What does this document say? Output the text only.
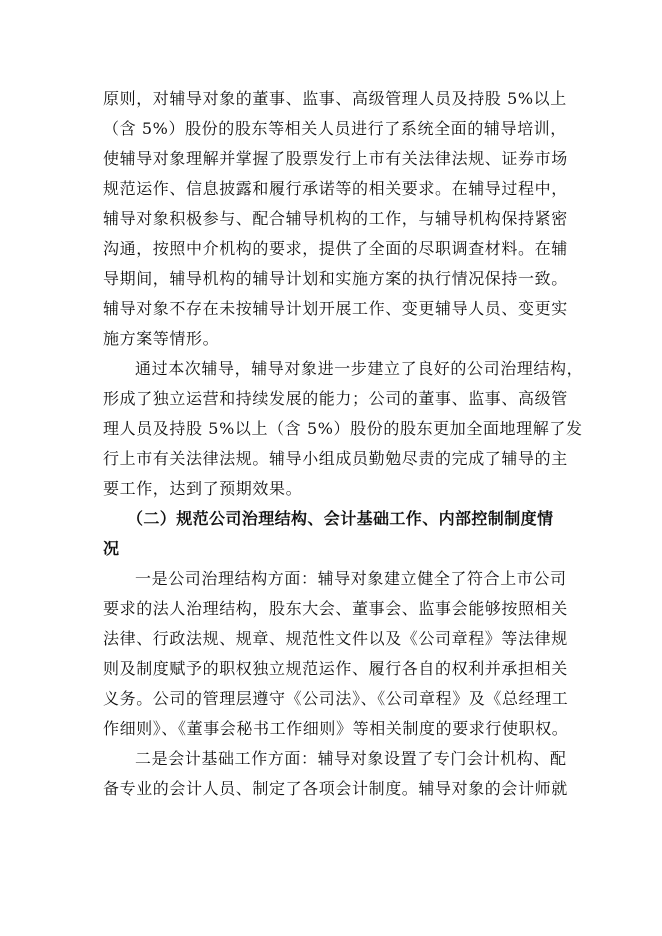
原则，对辅导对象的董事、监事、高级管理人员及持股 5%以上
（含 5%）股份的股东等相关人员进行了系统全面的辅导培训，
使辅导对象理解并掌握了股票发行上市有关法律法规、证券市场
规范运作、信息披露和履行承诺等的相关要求。在辅导过程中，
辅导对象积极参与、配合辅导机构的工作，与辅导机构保持紧密
沟通，按照中介机构的要求，提供了全面的尽职调查材料。在辅
导期间，辅导机构的辅导计划和实施方案的执行情况保持一致。
辅导对象不存在未按辅导计划开展工作、变更辅导人员、变更实
施方案等情形。
通过本次辅导，辅导对象进一步建立了良好的公司治理结构，
形成了独立运营和持续发展的能力；公司的董事、监事、高级管
理人员及持股 5%以上（含 5%）股份的股东更加全面地理解了发
行上市有关法律法规。辅导小组成员勤勉尽责的完成了辅导的主
要工作，达到了预期效果。
（二）规范公司治理结构、会计基础工作、内部控制制度情
况
一是公司治理结构方面：辅导对象建立健全了符合上市公司
要求的法人治理结构，股东大会、董事会、监事会能够按照相关
法律、行政法规、规章、规范性文件以及《公司章程》等法律规
则及制度赋予的职权独立规范运作、履行各自的权利并承担相关
义务。公司的管理层遵守《公司法》、《公司章程》及《总经理工
作细则》、《董事会秘书工作细则》等相关制度的要求行使职权。
二是会计基础工作方面：辅导对象设置了专门会计机构、配
备专业的会计人员、制定了各项会计制度。辅导对象的会计师就
